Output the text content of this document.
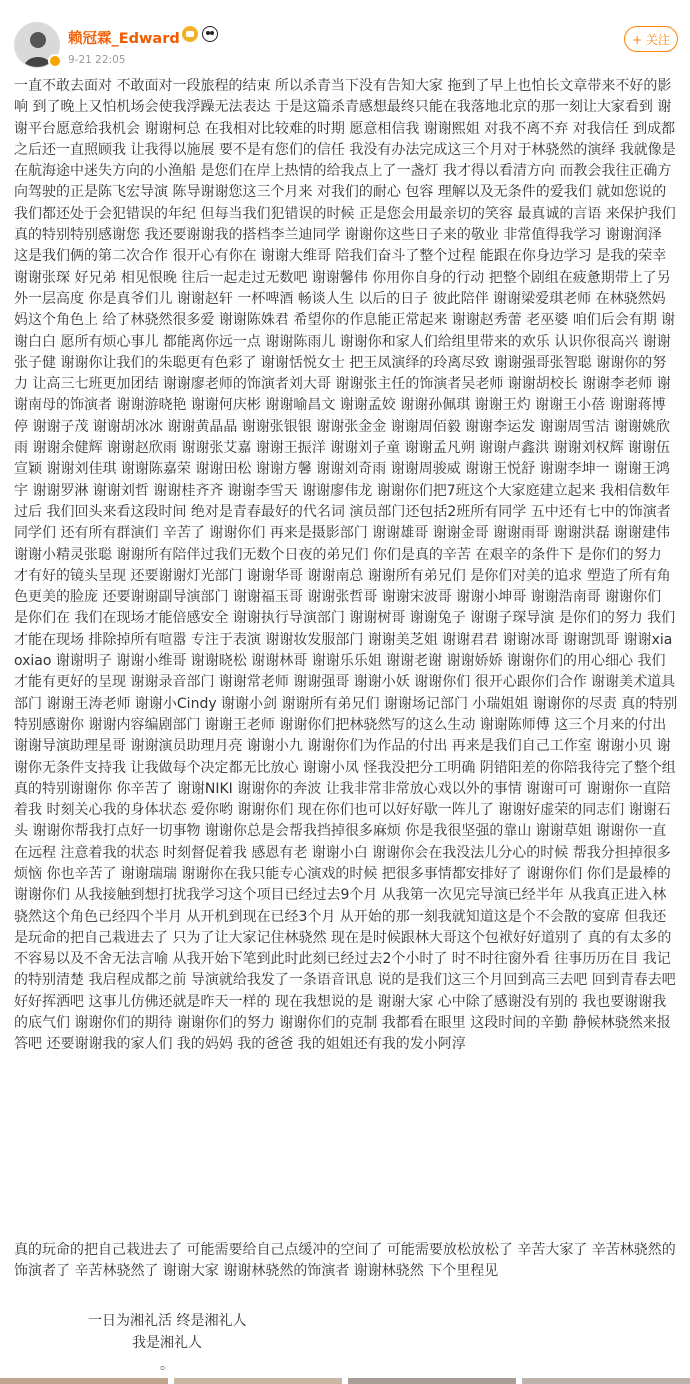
赖冠霖_Edward
9-21 22:05
+ 关注
一直不敢去面对 不敢面对一段旅程的结束 所以杀青当下没有告知大家 拖到了早上也怕长文章带来不好的影响 到了晚上又怕机场会使我浮躁无法表达 于是这篇杀青感想最终只能在我落地北京的那一刻让大家看到 谢谢平台愿意给我机会 谢谢柯总 在我相对比较难的时期 愿意相信我 谢谢熙姐 对我不离不弃 对我信任 到成都之后还一直照顾我 让我得以施展 要不是有您们的信任 我没有办法完成这三个月对于林骁然的演绎 我就像是在航海途中迷失方向的小渔船 是您们在岸上热情的给我点上了一盏灯 我才得以看清方向 而教会我往正确方向驾驶的正是陈飞宏导演 陈导谢谢您这三个月来 对我们的耐心 包容 理解以及无条件的爱我们 就如您说的我们都还处于会犯错误的年纪 但每当我们犯错误的时候 正是您会用最亲切的笑容 最真诚的言语 来保护我们 真的特别特别感谢您 我还要谢谢我的搭档李兰迪同学 谢谢你这些日子来的敬业 非常值得我学习 谢谢润泽 这是我们俩的第二次合作 很开心有你在 谢谢大维哥 陪我们奋斗了整个过程 能跟在你身边学习 是我的荣幸 谢谢张琛 好兄弟 相见恨晚 往后一起走过无数吧 谢谢馨伟 你用你自身的行动 把整个剧组在疲惫期带上了另外一层高度 你是真爷们儿 谢谢赵轩 一杯啤酒 畅谈人生 以后的日子 彼此陪伴 谢谢梁爱琪老师 在林骁然妈妈这个角色上 给了林骁然很多爱 谢谢陈姝君 希望你的作息能正常起来 谢谢赵秀蕾 老巫婆 咱们后会有期 谢谢白白 愿所有烦心事儿 都能离你远一点 谢谢陈雨儿 谢谢你和家人们给组里带来的欢乐 认识你很高兴 谢谢张子健 谢谢你让我们的朱聪更有色彩了 谢谢恬悦女士 把王凤演绎的玲离尽致 谢谢强哥张智聪 谢谢你的努力 让高三七班更加团结 谢谢廖老师的饰演者刘大哥 谢谢张主任的饰演者吴老师 谢谢胡校长 谢谢李老师 谢谢南母的饰演者 谢谢游晓艳 谢谢何庆彬 谢谢喻昌文 谢谢孟姣 谢谢孙佩琪 谢谢王灼 谢谢王小蓓 谢谢蒋博停 谢谢子茂 谢谢胡冰冰 谢谢黄晶晶 谢谢张银银 谢谢张金金 谢谢周佰毅 谢谢李运发 谢谢周雪洁 谢谢姚欣雨 谢谢余健辉 谢谢赵欣雨 谢谢张艾嘉 谢谢王振洋 谢谢刘子童 谢谢孟凡朔 谢谢卢鑫洪 谢谢刘权辉 谢谢伍宣颖 谢谢刘佳琪 谢谢陈嘉荣 谢谢田松 谢谢方馨 谢谢刘奇雨 谢谢周骏威 谢谢王悦舒 谢谢李坤一 谢谢王鸿宇 谢谢罗淋 谢谢刘哲 谢谢桂齐齐 谢谢李雪天 谢谢廖伟龙 谢谢你们把7班这个大家庭建立起来 我相信数年过后 我们回头来看这段时间 绝对是青春最好的代名词 演员部门还包括2班所有同学 五中还有七中的饰演者同学们 还有所有群演们 辛苦了 谢谢你们 再来是摄影部门 谢谢雄哥 谢谢金哥 谢谢雨哥 谢谢洪磊 谢谢建伟 谢谢小精灵张聪 谢谢所有陪伴过我们无数个日夜的弟兄们 你们是真的辛苦 在艰辛的条件下 是你们的努力 才有好的镜头呈现 还要谢谢灯光部门 谢谢华哥 谢谢南总 谢谢所有弟兄们 是你们对美的追求 塑造了所有角色更美的脸庞 还要谢谢副导演部门 谢谢福玉哥 谢谢张哲哥 谢谢宋波哥 谢谢小坤哥 谢谢浩南哥 谢谢你们 是你们在 我们在现场才能倍感安全 谢谢执行导演部门 谢谢树哥 谢谢兔子 谢谢子琛导演 是你们的努力 我们才能在现场 排除掉所有喧嚣 专注于表演 谢谢妆发服部门 谢谢美芝姐 谢谢君君 谢谢冰哥 谢谢凯哥 谢谢xiaoxiao 谢谢明子 谢谢小维哥 谢谢晓松 谢谢林哥 谢谢乐乐姐 谢谢老谢 谢谢娇娇 谢谢你们的用心细心 我们才能有更好的呈现 谢谢录音部门 谢谢常老师 谢谢强哥 谢谢小妖 谢谢你们 很开心跟你们合作 谢谢美术道具部门 谢谢王涛老师 谢谢小Cindy 谢谢小剑 谢谢所有弟兄们 谢谢场记部门 小瑞姐姐 谢谢你的尽责 真的特别特别感谢你 谢谢内容编剧部门 谢谢王老师 谢谢你们把林骁然写的这么生动 谢谢陈师傅 这三个月来的付出 谢谢导演助理星哥 谢谢演员助理月亮 谢谢小九 谢谢你们为作品的付出 再来是我们自己工作室 谢谢小贝 谢谢你无条件支持我 让我做每个决定都无比放心 谢谢小凤 怪我没把分工明确 阴错阳差的你陪我待完了整个组 真的特别谢谢你 你辛苦了 谢谢NIKI 谢谢你的奔波 让我非常非常放心戏以外的事情 谢谢可可 谢谢你一直陪着我 时刻关心我的身体状态 爱你哟 谢谢你们 现在你们也可以好好歇一阵儿了 谢谢好虚荣的同志们 谢谢石头 谢谢你帮我打点好一切事物 谢谢你总是会帮我挡掉很多麻烦 你是我很坚强的靠山 谢谢草姐 谢谢你一直在远程 注意着我的状态 时刻督促着我 感恩有老 谢谢小白 谢谢你会在我没法儿分心的时候 帮我分担掉很多烦恼 你也辛苦了 谢谢瑞瑞 谢谢你在我只能专心演戏的时候 把很多事情都安排好了 谢谢你们 你们是最棒的 谢谢你们 从我接触到想打扰我学习这个项目已经过去9个月 从我第一次见完导演已经半年 从我真正进入林骁然这个角色已经四个半月 从开机到现在已经3个月 从开始的那一刻我就知道这是个不会散的宴席 但我还是玩命的把自己栽进去了 只为了让大家记住林骁然 现在是时候跟林大哥这个包袱好好道别了 真的有太多的不容易以及不舍无法言喻 从我开始下笔到此时此刻已经过去2个小时了 时不时往窗外看 往事历历在目 我记的特别清楚 我启程成都之前 导演就给我发了一条语音讯息 说的是我们这三个月回到高三去吧 回到青春去吧 好好挥洒吧 这事儿仿佛还就是昨天一样的 现在我想说的是 谢谢大家 心中除了感谢没有别的 我也要谢谢我的底气们 谢谢你们的期待 谢谢你们的努力 谢谢你们的克制 我都看在眼里 这段时间的辛勤 静候林骁然来报答吧 还要谢谢我的家人们 我的妈妈 我的爸爸 我的姐姐还有我的发小阿淳
真的玩命的把自己栽进去了 可能需要给自己点缓冲的空间了 可能需要放松放松了 辛苦大家了 辛苦林骁然的饰演者了 辛苦林骁然了 谢谢大家 谢谢林骁然的饰演者 谢谢林骁然 下个里程见
一日为湘礼活 终是湘礼人
我是湘礼人
。
